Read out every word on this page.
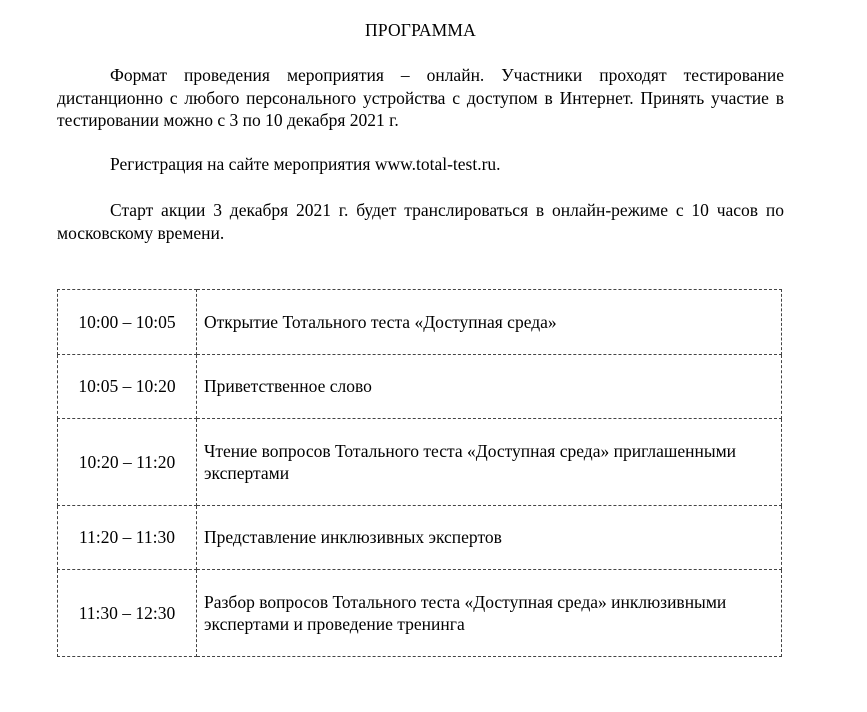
ПРОГРАММА
Формат проведения мероприятия – онлайн. Участники проходят тестирование дистанционно с любого персонального устройства с доступом в Интернет. Принять участие в тестировании можно с 3 по 10 декабря 2021 г.
Регистрация на сайте мероприятия www.total-test.ru.
Старт акции 3 декабря 2021 г. будет транслироваться в онлайн-режиме с 10 часов по московскому времени.
10:00 – 10:05	Открытие Тотального теста «Доступная среда»
10:05 – 10:20	Приветственное слово
10:20 – 11:20	Чтение вопросов Тотального теста «Доступная среда» приглашенными экспертами
11:20 – 11:30	Представление инклюзивных экспертов
11:30 – 12:30	Разбор вопросов Тотального теста «Доступная среда» инклюзивными экспертами и проведение тренинга
